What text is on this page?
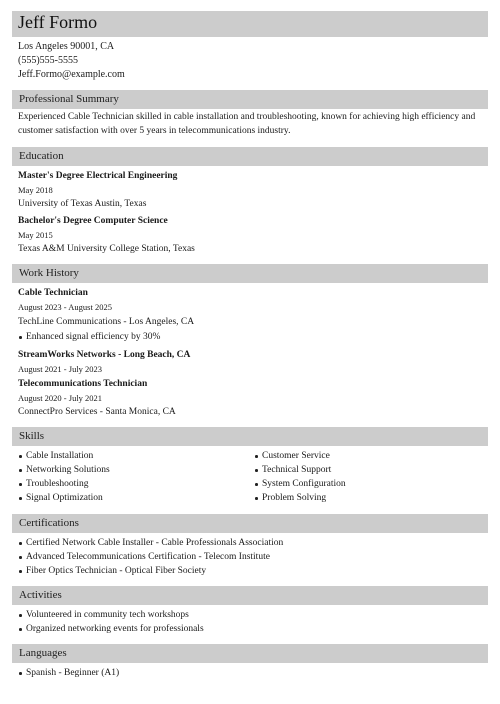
Jeff Formo
Los Angeles 90001, CA
(555)555-5555
Jeff.Formo@example.com
Professional Summary
Experienced Cable Technician skilled in cable installation and troubleshooting, known for achieving high efficiency and customer satisfaction with over 5 years in telecommunications industry.
Education
Master's Degree Electrical Engineering
May 2018
University of Texas Austin, Texas
Bachelor's Degree Computer Science
May 2015
Texas A&M University College Station, Texas
Work History
Cable Technician
August 2023 - August 2025
TechLine Communications - Los Angeles, CA
Enhanced signal efficiency by 30%
StreamWorks Networks - Long Beach, CA
August 2021 - July 2023
Telecommunications Technician
August 2020 - July 2021
ConnectPro Services - Santa Monica, CA
Skills
Cable Installation
Networking Solutions
Troubleshooting
Signal Optimization
Customer Service
Technical Support
System Configuration
Problem Solving
Certifications
Certified Network Cable Installer - Cable Professionals Association
Advanced Telecommunications Certification - Telecom Institute
Fiber Optics Technician - Optical Fiber Society
Activities
Volunteered in community tech workshops
Organized networking events for professionals
Languages
Spanish - Beginner (A1)
